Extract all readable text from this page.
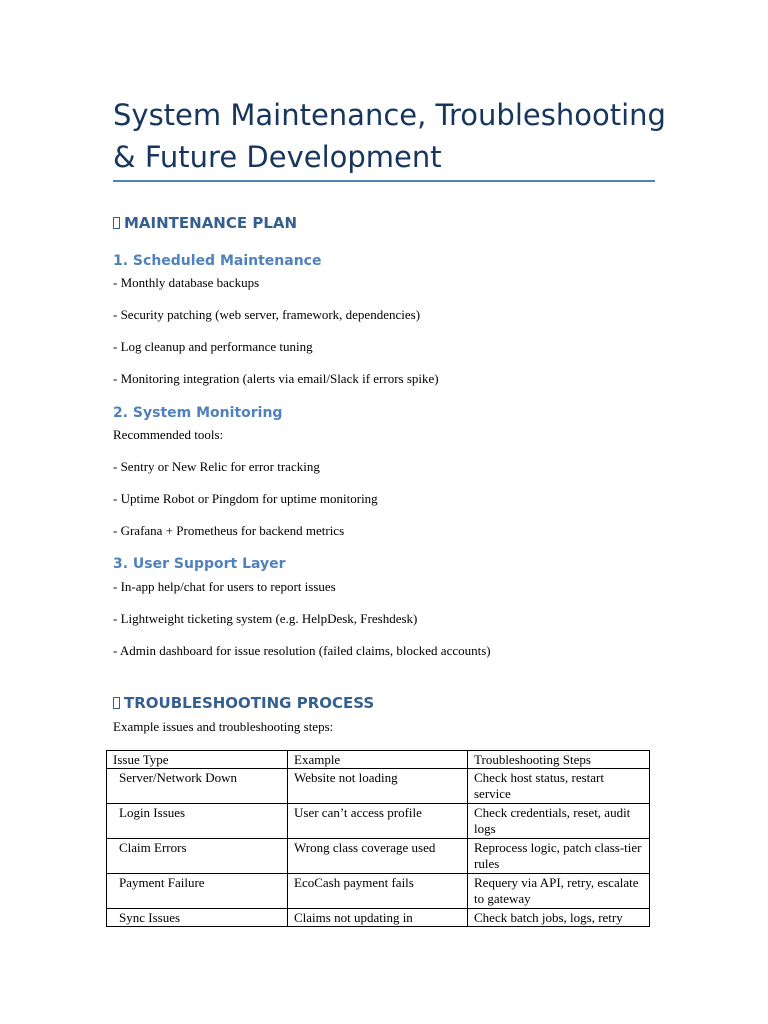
System Maintenance, Troubleshooting & Future Development
MAINTENANCE PLAN
1. Scheduled Maintenance

- Monthly database backups

- Security patching (web server, framework, dependencies)

- Log cleanup and performance tuning

- Monitoring integration (alerts via email/Slack if errors spike)

2. System Monitoring

Recommended tools:

- Sentry or New Relic for error tracking

- Uptime Robot or Pingdom for uptime monitoring

- Grafana + Prometheus for backend metrics

3. User Support Layer

- In-app help/chat for users to report issues

- Lightweight ticketing system (e.g. HelpDesk, Freshdesk)

- Admin dashboard for issue resolution (failed claims, blocked accounts)

TROUBLESHOOTING PROCESS

Example issues and troubleshooting steps:

Issue Type	Example	Troubleshooting Steps
Server/Network Down	Website not loading	Check host status, restart service
Login Issues	User can’t access profile	Check credentials, reset, audit logs
Claim Errors	Wrong class coverage used	Reprocess logic, patch class-tier rules
Payment Failure	EcoCash payment fails	Requery via API, retry, escalate to gateway
Sync Issues	Claims not updating in	Check batch jobs, logs, retry
